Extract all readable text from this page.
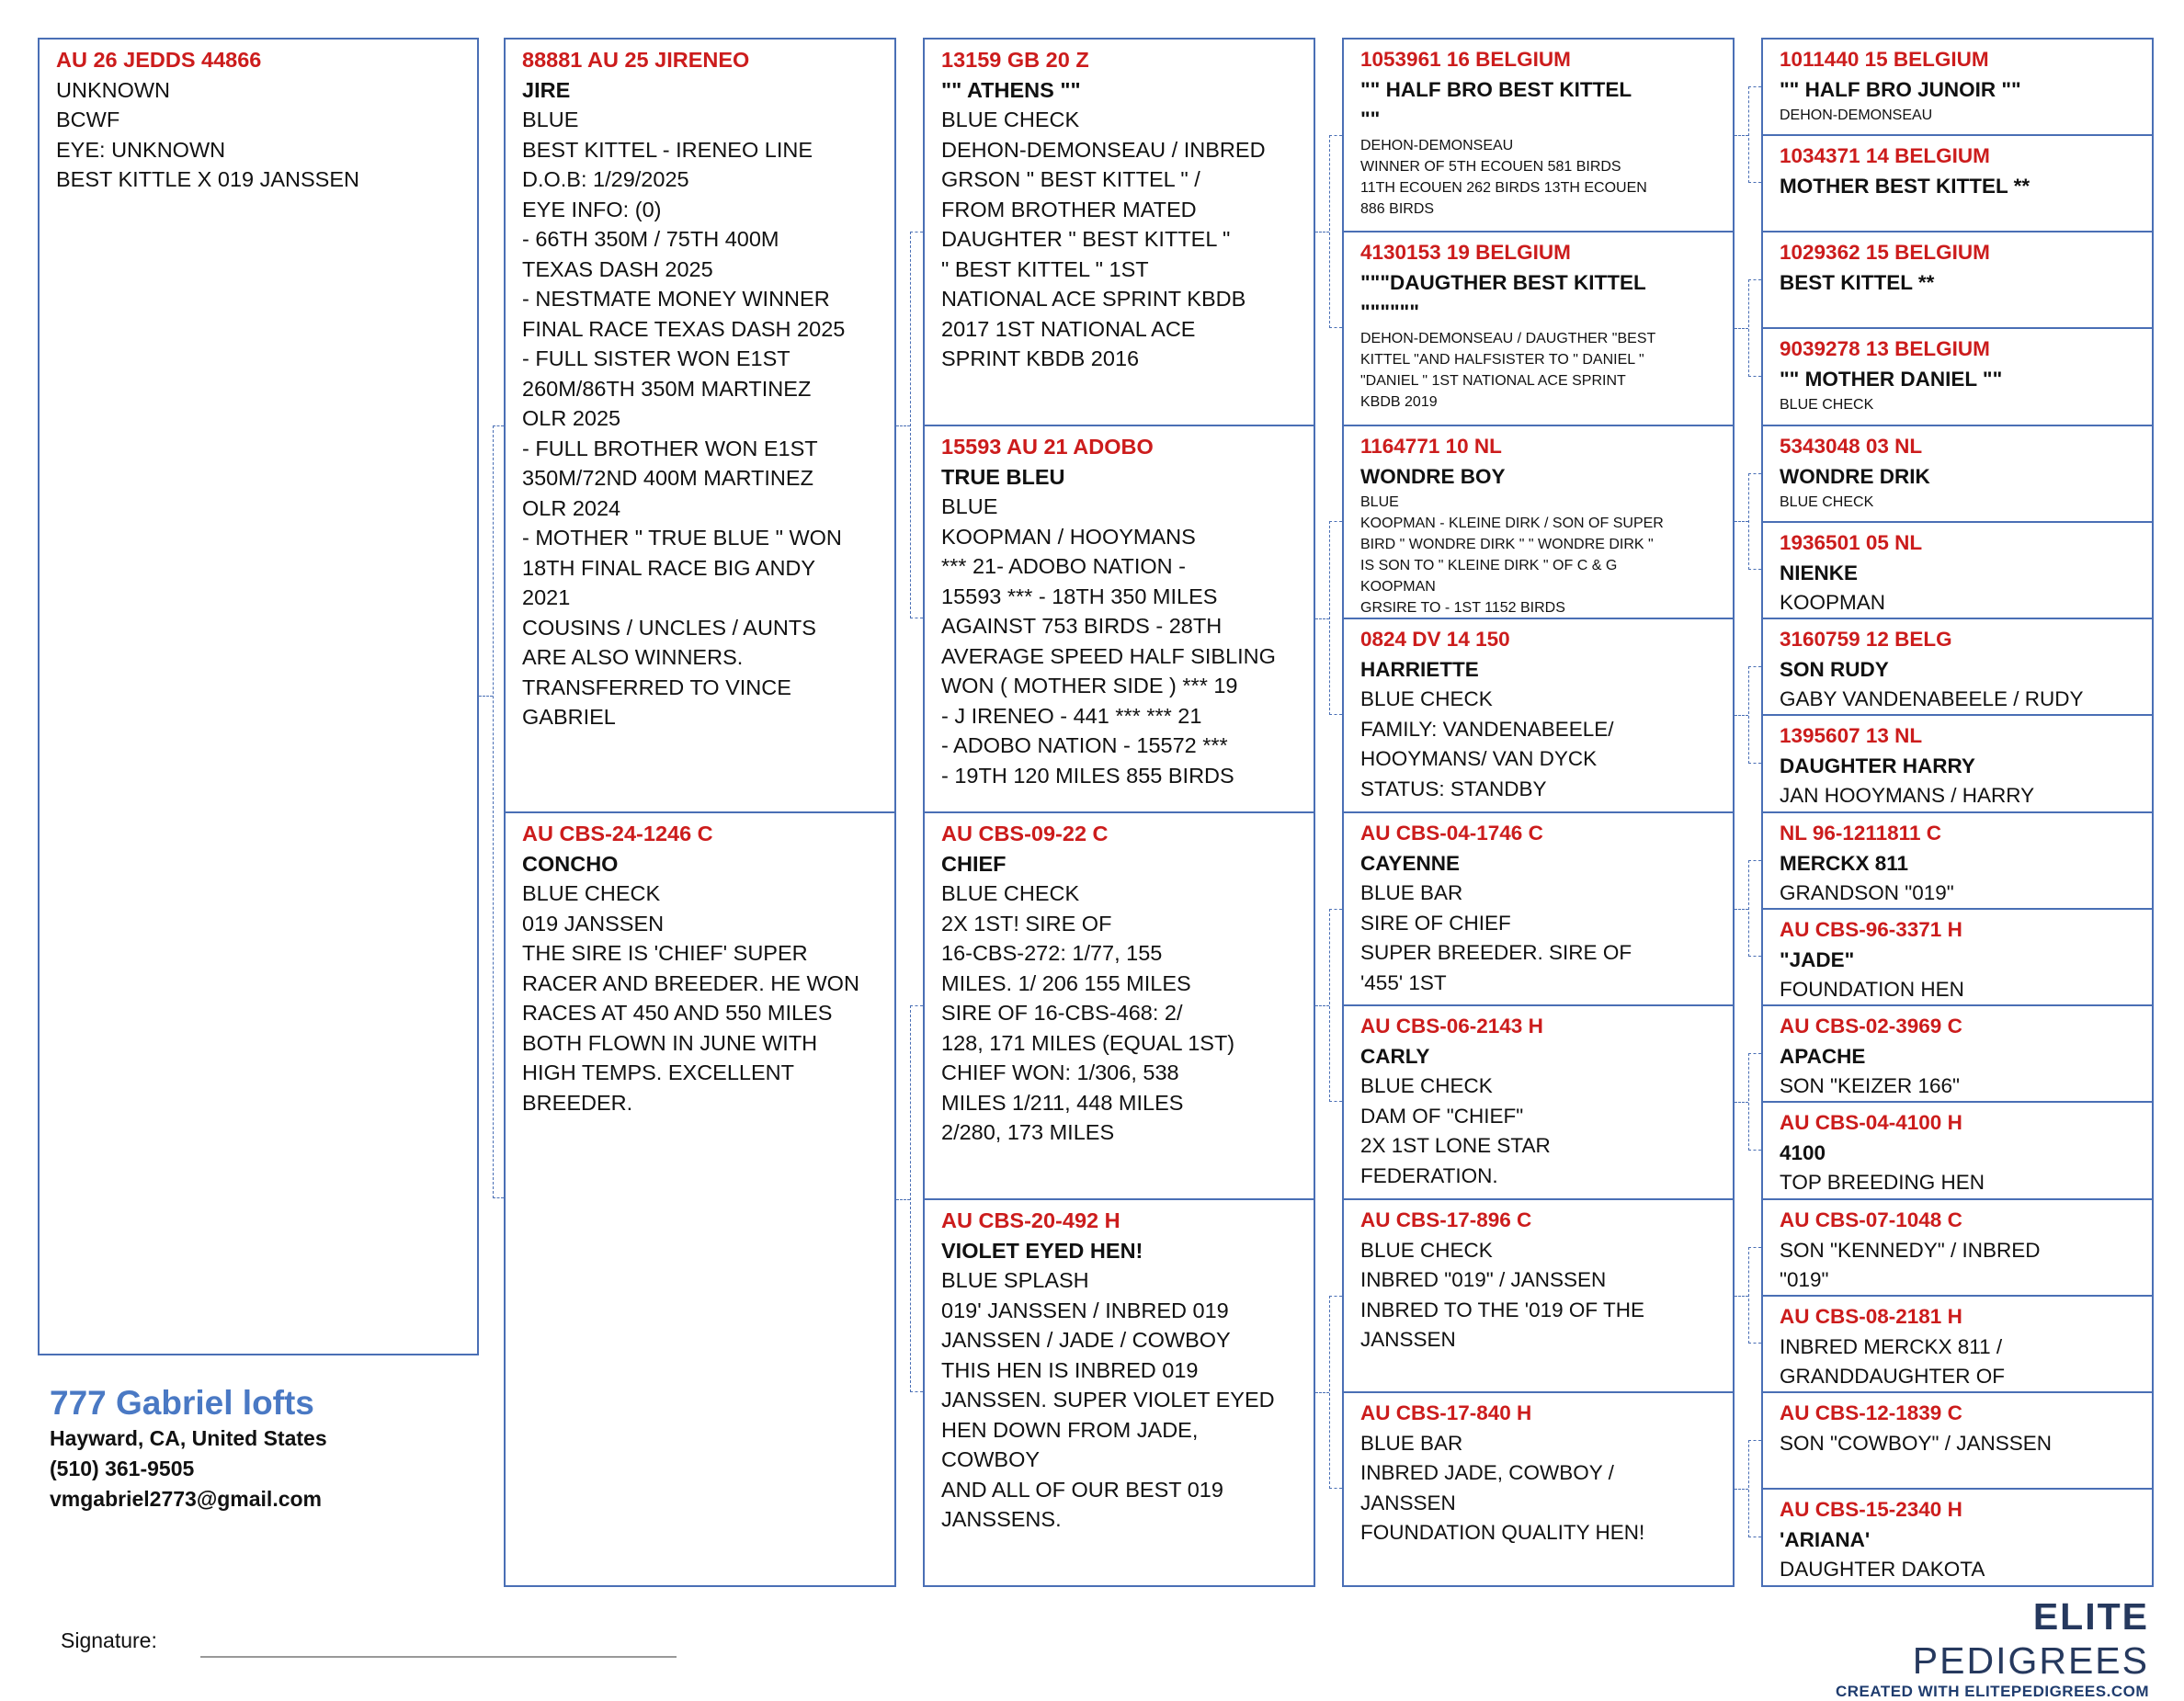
AU 26 JEDDS 44866
UNKNOWN
BCWF
EYE: UNKNOWN
BEST KITTLE X 019 JANSSEN
88881 AU 25 JIRENEO
JIRE
BLUE
BEST KITTEL - IRENEO LINE
D.O.B: 1/29/2025
EYE INFO: (0)
- 66TH 350M / 75TH 400M
TEXAS DASH 2025
- NESTMATE MONEY WINNER
FINAL RACE TEXAS DASH 2025
- FULL SISTER WON E1ST
260M/86TH 350M MARTINEZ
OLR 2025
- FULL BROTHER WON E1ST
350M/72ND 400M MARTINEZ
OLR 2024
- MOTHER " TRUE BLUE " WON
18TH FINAL RACE BIG ANDY
2021
COUSINS / UNCLES / AUNTS
ARE ALSO WINNERS.
TRANSFERRED TO VINCE
GABRIEL
AU CBS-24-1246 C
CONCHO
BLUE CHECK
019 JANSSEN
THE SIRE IS 'CHIEF' SUPER
RACER AND BREEDER. HE WON
RACES AT 450 AND 550 MILES
BOTH FLOWN IN JUNE WITH
HIGH TEMPS. EXCELLENT
BREEDER.
13159 GB 20 Z
"" ATHENS ""
BLUE CHECK
DEHON-DEMONSEAU / INBRED
GRSON " BEST KITTEL " /
FROM BROTHER MATED
DAUGHTER " BEST KITTEL "
" BEST KITTEL " 1ST
NATIONAL ACE SPRINT KBDB
2017 1ST NATIONAL ACE
SPRINT KBDB 2016
15593 AU 21 ADOBO
TRUE BLEU
BLUE
KOOPMAN / HOOYMANS
*** 21- ADOBO NATION -
15593 *** - 18TH 350 MILES
AGAINST 753 BIRDS - 28TH
AVERAGE SPEED HALF SIBLING
WON ( MOTHER SIDE ) *** 19
- J IRENEO - 441 *** *** 21
- ADOBO NATION - 15572 ***
- 19TH 120 MILES 855 BIRDS
AU CBS-09-22 C
CHIEF
BLUE CHECK
2X 1ST! SIRE OF
16-CBS-272: 1/77, 155
MILES. 1/ 206 155 MILES
SIRE OF 16-CBS-468: 2/
128, 171 MILES (EQUAL 1ST)
CHIEF WON: 1/306, 538
MILES 1/211, 448 MILES
2/280, 173 MILES
AU CBS-20-492 H
VIOLET EYED HEN!
BLUE SPLASH
019' JANSSEN / INBRED 019
JANSSEN / JADE / COWBOY
THIS HEN IS INBRED 019
JANSSEN. SUPER VIOLET EYED
HEN DOWN FROM JADE, COWBOY
AND ALL OF OUR BEST 019
JANSSENS.
1053961 16 BELGIUM
"" HALF BRO BEST KITTEL
""
DEHON-DEMONSEAU
WINNER OF 5TH ECOUEN 581 BIRDS
11TH ECOUEN 262 BIRDS 13TH ECOUEN
886 BIRDS
4130153 19 BELGIUM
"""DAUGTHER BEST KITTEL
""""""
DEHON-DEMONSEAU / DAUGTHER "BEST
KITTEL "AND HALFSISTER TO " DANIEL "
"DANIEL " 1ST NATIONAL ACE SPRINT
KBDB 2019
1164771 10 NL
WONDRE BOY
BLUE
KOOPMAN - KLEINE DIRK / SON OF SUPER
BIRD " WONDRE DIRK " " WONDRE DIRK "
IS SON TO " KLEINE DIRK " OF C & G
KOOPMAN
GRSIRE TO - 1ST 1152 BIRDS
0824 DV 14 150
HARRIETTE
BLUE CHECK
FAMILY: VANDENABEELE/
HOOYMANS/ VAN DYCK
STATUS: STANDBY
AU CBS-04-1746 C
CAYENNE
BLUE BAR
SIRE OF CHIEF
SUPER BREEDER. SIRE OF
'455' 1ST
AU CBS-06-2143 H
CARLY
BLUE CHECK
DAM OF "CHIEF"
2X 1ST LONE STAR
FEDERATION.
AU CBS-17-896 C
BLUE CHECK
INBRED "019" / JANSSEN
INBRED TO THE '019 OF THE
JANSSEN
AU CBS-17-840 H
BLUE BAR
INBRED JADE, COWBOY /
JANSSEN
FOUNDATION QUALITY HEN!
1011440 15 BELGIUM
"" HALF BRO JUNOIR ""
DEHON-DEMONSEAU
1034371 14 BELGIUM
MOTHER BEST KITTEL **
1029362 15 BELGIUM
BEST KITTEL **
9039278 13 BELGIUM
"" MOTHER DANIEL ""
BLUE CHECK
5343048 03 NL
WONDRE DRIK
BLUE CHECK
1936501 05 NL
NIENKE
KOOPMAN
3160759 12 BELG
SON RUDY
GABY VANDENABEELE / RUDY
1395607 13 NL
DAUGHTER HARRY
JAN HOOYMANS / HARRY
NL 96-1211811 C
MERCKX 811
GRANDSON "019"
AU CBS-96-3371 H
"JADE"
FOUNDATION HEN
AU CBS-02-3969 C
APACHE
SON "KEIZER 166"
AU CBS-04-4100 H
4100
TOP BREEDING HEN
AU CBS-07-1048 C
SON "KENNEDY" / INBRED
"019"
AU CBS-08-2181 H
INBRED MERCKX 811 /
GRANDDAUGHTER OF
AU CBS-12-1839 C
SON "COWBOY" / JANSSEN
AU CBS-15-2340 H
'ARIANA'
DAUGHTER DAKOTA
777 Gabriel lofts
Hayward, CA, United States
(510) 361-9505
vmgabriel2773@gmail.com
Signature:
ELITE PEDIGREES
CREATED WITH ELITEPEDIGREES.COM
